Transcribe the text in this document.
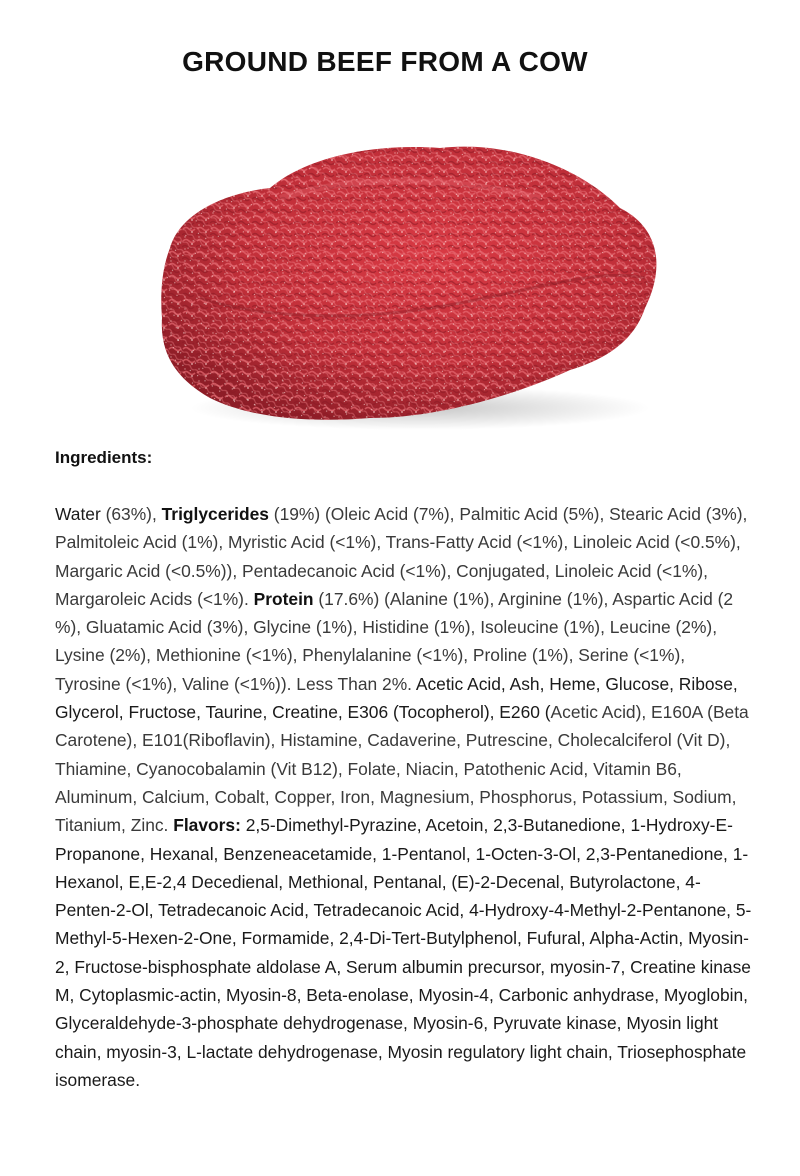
GROUND BEEF FROM A COW
Ingredients:

Water (63%), Triglycerides (19%) (Oleic Acid (7%), Palmitic Acid (5%), Stearic Acid (3%), Palmitoleic Acid (1%), Myristic Acid (<1%), Trans-Fatty Acid (<1%), Linoleic Acid (<0.5%), Margaric Acid (<0.5%)), Pentadecanoic Acid (<1%), Conjugated, Linoleic Acid (<1%), Margaroleic Acids (<1%). Protein (17.6%) (Alanine (1%), Arginine (1%), Aspartic Acid (2 %), Gluatamic Acid (3%), Glycine (1%), Histidine (1%), Isoleucine (1%), Leucine (2%), Lysine (2%), Methionine (<1%), Phenylalanine (<1%), Proline (1%), Serine (<1%), Tyrosine (<1%), Valine (<1%)). Less Than 2%. Acetic Acid, Ash, Heme, Glucose, Ribose, Glycerol, Fructose, Taurine, Creatine, E306 (Tocopherol), E260 (Acetic Acid), E160A (Beta Carotene), E101(Riboflavin), Histamine, Cadaverine, Putrescine, Cholecalciferol (Vit D), Thiamine, Cyanocobalamin (Vit B12), Folate, Niacin, Patothenic Acid, Vitamin B6, Aluminum, Calcium, Cobalt, Copper, Iron, Magnesium, Phosphorus, Potassium, Sodium, Titanium, Zinc. Flavors: 2,5-Dimethyl-Pyrazine, Acetoin, 2,3-Butanedione, 1-Hydroxy-E-Propanone, Hexanal, Benzeneacetamide, 1-Pentanol, 1-Octen-3-Ol, 2,3-Pentanedione, 1-Hexanol, E,E-2,4 Decedienal, Methional, Pentanal, (E)-2-Decenal, Butyrolactone, 4-Penten-2-Ol, Tetradecanoic Acid, Tetradecanoic Acid, 4-Hydroxy-4-Methyl-2-Pentanone, 5-Methyl-5-Hexen-2-One, Formamide, 2,4-Di-Tert-Butylphenol, Fufural, Alpha-Actin, Myosin-2, Fructose-bisphosphate aldolase A, Serum albumin precursor, myosin-7, Creatine kinase M, Cytoplasmic-actin, Myosin-8, Beta-enolase, Myosin-4, Carbonic anhydrase, Myoglobin, Glyceraldehyde-3-phosphate dehydrogenase, Myosin-6, Pyruvate kinase, Myosin light chain, myosin-3, L-lactate dehydrogenase, Myosin regulatory light chain, Triosephosphate isomerase.
